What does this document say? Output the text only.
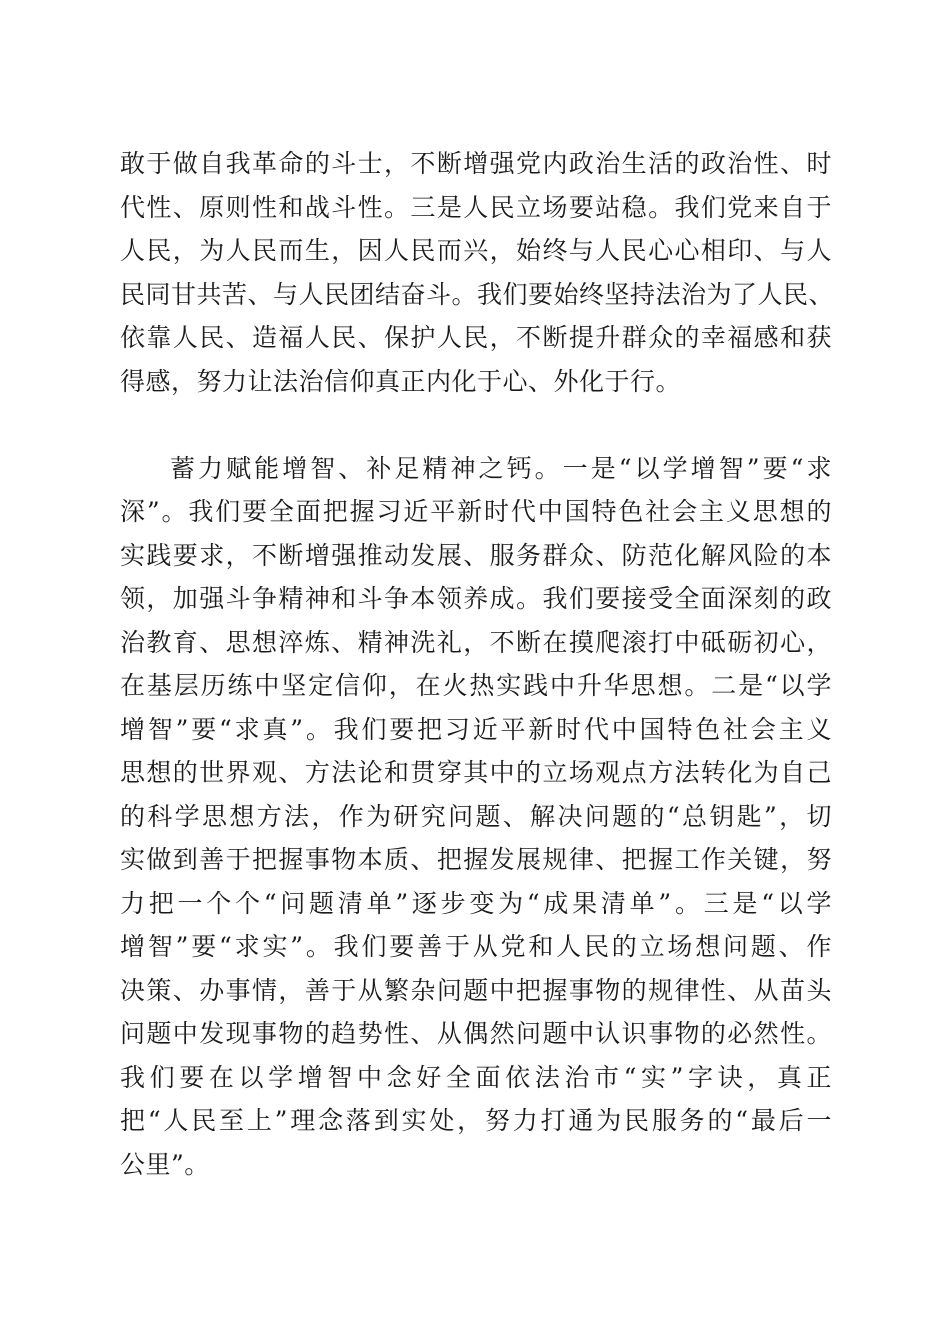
敢于做自我革命的斗士，不断增强党内政治生活的政治性、时
代性、原则性和战斗性。三是人民立场要站稳。我们党来自于
人民，为人民而生，因人民而兴，始终与人民心心相印、与人
民同甘共苦、与人民团结奋斗。我们要始终坚持法治为了人民、
依靠人民、造福人民、保护人民，不断提升群众的幸福感和获
得感，努力让法治信仰真正内化于心、外化于行。
蓄力赋能增智、补足精神之钙。一是“以学增智”要“求
深”。我们要全面把握习近平新时代中国特色社会主义思想的
实践要求，不断增强推动发展、服务群众、防范化解风险的本
领，加强斗争精神和斗争本领养成。我们要接受全面深刻的政
治教育、思想淬炼、精神洗礼，不断在摸爬滚打中砥砺初心，
在基层历练中坚定信仰，在火热实践中升华思想。二是“以学
增智”要“求真”。我们要把习近平新时代中国特色社会主义
思想的世界观、方法论和贯穿其中的立场观点方法转化为自己
的科学思想方法，作为研究问题、解决问题的“总钥匙”，切
实做到善于把握事物本质、把握发展规律、把握工作关键，努
力把一个个“问题清单”逐步变为“成果清单”。三是“以学
增智”要“求实”。我们要善于从党和人民的立场想问题、作
决策、办事情，善于从繁杂问题中把握事物的规律性、从苗头
问题中发现事物的趋势性、从偶然问题中认识事物的必然性。
我们要在以学增智中念好全面依法治市“实”字诀，真正
把“人民至上”理念落到实处，努力打通为民服务的“最后一
公里”。
